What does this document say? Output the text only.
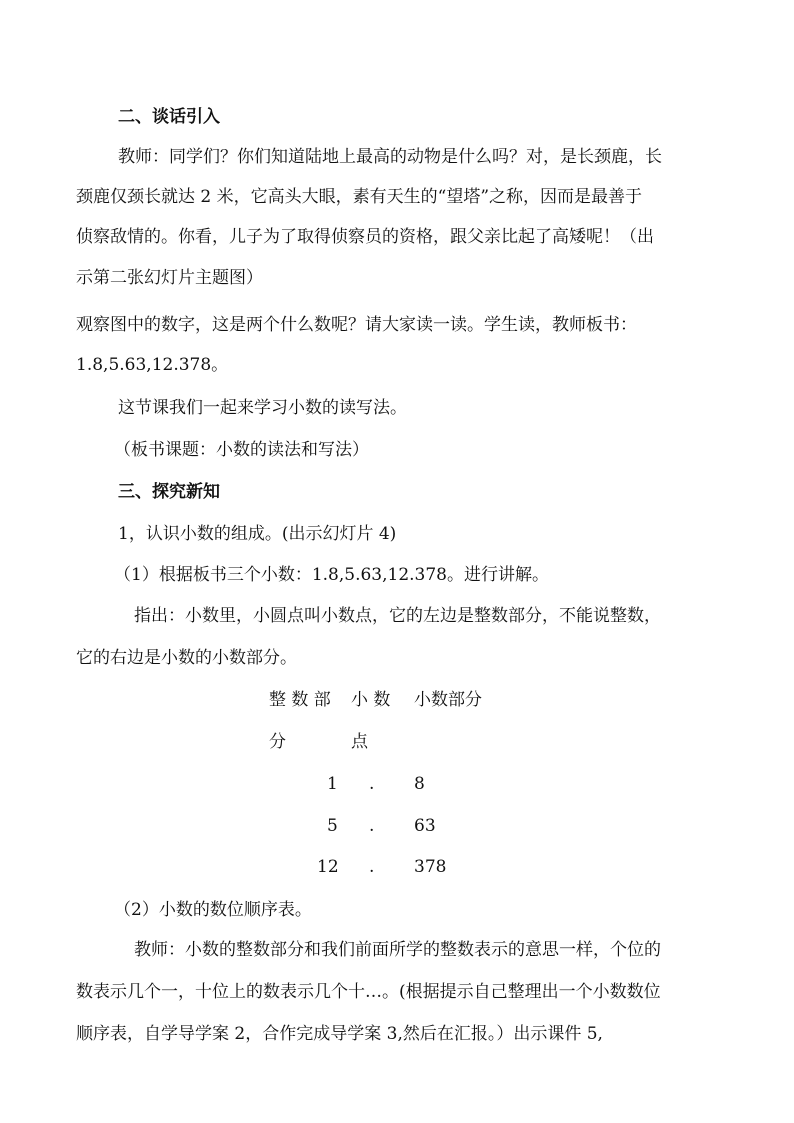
二、谈话引入
教师：同学们？你们知道陆地上最高的动物是什么吗？对，是长颈鹿，长
颈鹿仅颈长就达 2 米，它高头大眼，素有天生的“望塔”之称，因而是最善于
侦察敌情的。你看，儿子为了取得侦察员的资格，跟父亲比起了高矮呢！（出
示第二张幻灯片主题图）
观察图中的数字，这是两个什么数呢？请大家读一读。学生读，教师板书：
1.8,5.63,12.378。
这节课我们一起来学习小数的读写法。
（板书课题：小数的读法和写法）
三、探究新知
1，认识小数的组成。(出示幻灯片 4)
（1）根据板书三个小数：1.8,5.63,12.378。进行讲解。
指出：小数里，小圆点叫小数点，它的左边是整数部分，不能说整数，
它的右边是小数的小数部分。
整 数 部 小 数 小数部分
分	点
1 . 8
5 . 63
12 . 378
（2）小数的数位顺序表。
教师：小数的整数部分和我们前面所学的整数表示的意思一样，个位的
数表示几个一，十位上的数表示几个十…。(根据提示自己整理出一个小数数位
顺序表，自学导学案 2，合作完成导学案 3,然后在汇报。）出示课件 5,
